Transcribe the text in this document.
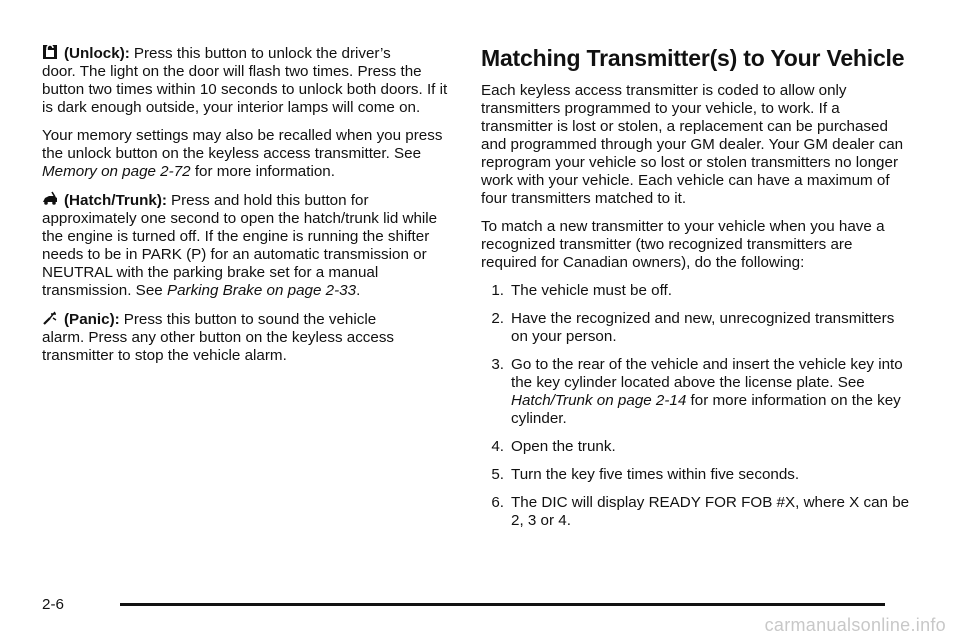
(Unlock): Press this button to unlock the driver’s
door. The light on the door will flash two times. Press the button two times within 10 seconds to unlock both doors. If it is dark enough outside, your interior lamps will come on.

Your memory settings may also be recalled when you press the unlock button on the keyless access transmitter. See Memory on page 2-72 for more information.

(Hatch/Trunk): Press and hold this button for
approximately one second to open the hatch/trunk lid while the engine is turned off. If the engine is running the shifter needs to be in PARK (P) for an automatic transmission or NEUTRAL with the parking brake set for a manual transmission. See Parking Brake on page 2-33.

(Panic): Press this button to sound the vehicle
alarm. Press any other button on the keyless access transmitter to stop the vehicle alarm.

Matching Transmitter(s) to Your Vehicle

Each keyless access transmitter is coded to allow only transmitters programmed to your vehicle, to work. If a transmitter is lost or stolen, a replacement can be purchased and programmed through your GM dealer. Your GM dealer can reprogram your vehicle so lost or stolen transmitters no longer work with your vehicle. Each vehicle can have a maximum of four transmitters matched to it.

To match a new transmitter to your vehicle when you have a recognized transmitter (two recognized transmitters are required for Canadian owners), do the following:

1. The vehicle must be off.
2. Have the recognized and new, unrecognized transmitters on your person.
3. Go to the rear of the vehicle and insert the vehicle key into the key cylinder located above the license plate. See Hatch/Trunk on page 2-14 for more information on the key cylinder.
4. Open the trunk.
5. Turn the key five times within five seconds.
6. The DIC will display READY FOR FOB #X, where X can be 2, 3 or 4.
2-6
carmanualsonline.info
